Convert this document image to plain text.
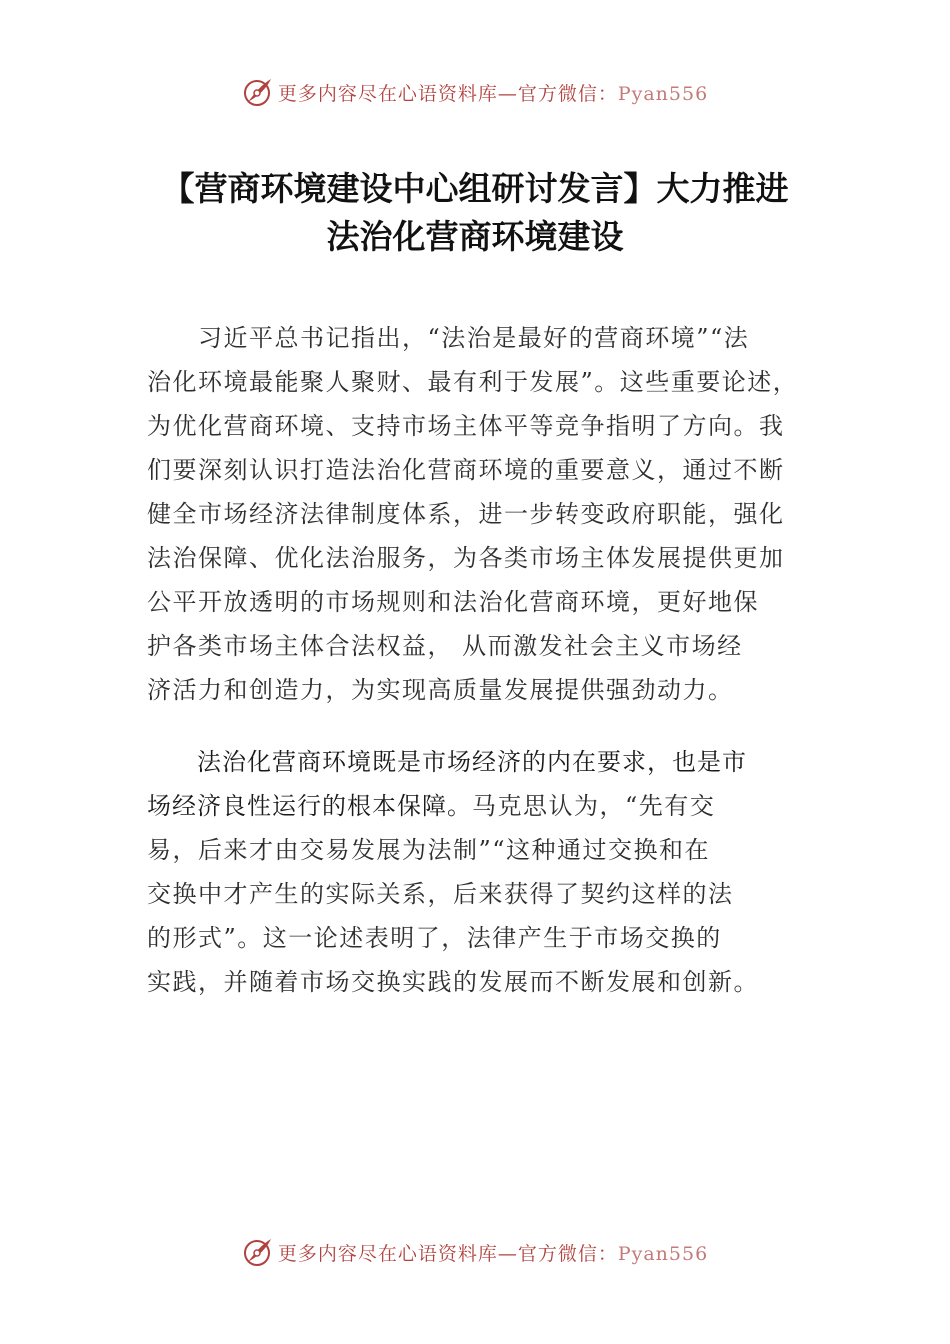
更多内容尽在心语资料库—官方微信：Pyan556
【营商环境建设中心组研讨发言】大力推进
法治化营商环境建设

　　习近平总书记指出，“法治是最好的营商环境”“法
治化环境最能聚人聚财、最有利于发展”。这些重要论述，
为优化营商环境、支持市场主体平等竞争指明了方向。我
们要深刻认识打造法治化营商环境的重要意义，通过不断
健全市场经济法律制度体系，进一步转变政府职能，强化
法治保障、优化法治服务，为各类市场主体发展提供更加
公平开放透明的市场规则和法治化营商环境，更好地保
护各类市场主体合法权益， 从而激发社会主义市场经
济活力和创造力，为实现高质量发展提供强劲动力。

　　法治化营商环境既是市场经济的内在要求，也是市
场经济良性运行的根本保障。马克思认为，“先有交
易，后来才由交易发展为法制”“这种通过交换和在
交换中才产生的实际关系，后来获得了契约这样的法
的形式”。这一论述表明了，法律产生于市场交换的
实践，并随着市场交换实践的发展而不断发展和创新。

更多内容尽在心语资料库—官方微信：Pyan556
